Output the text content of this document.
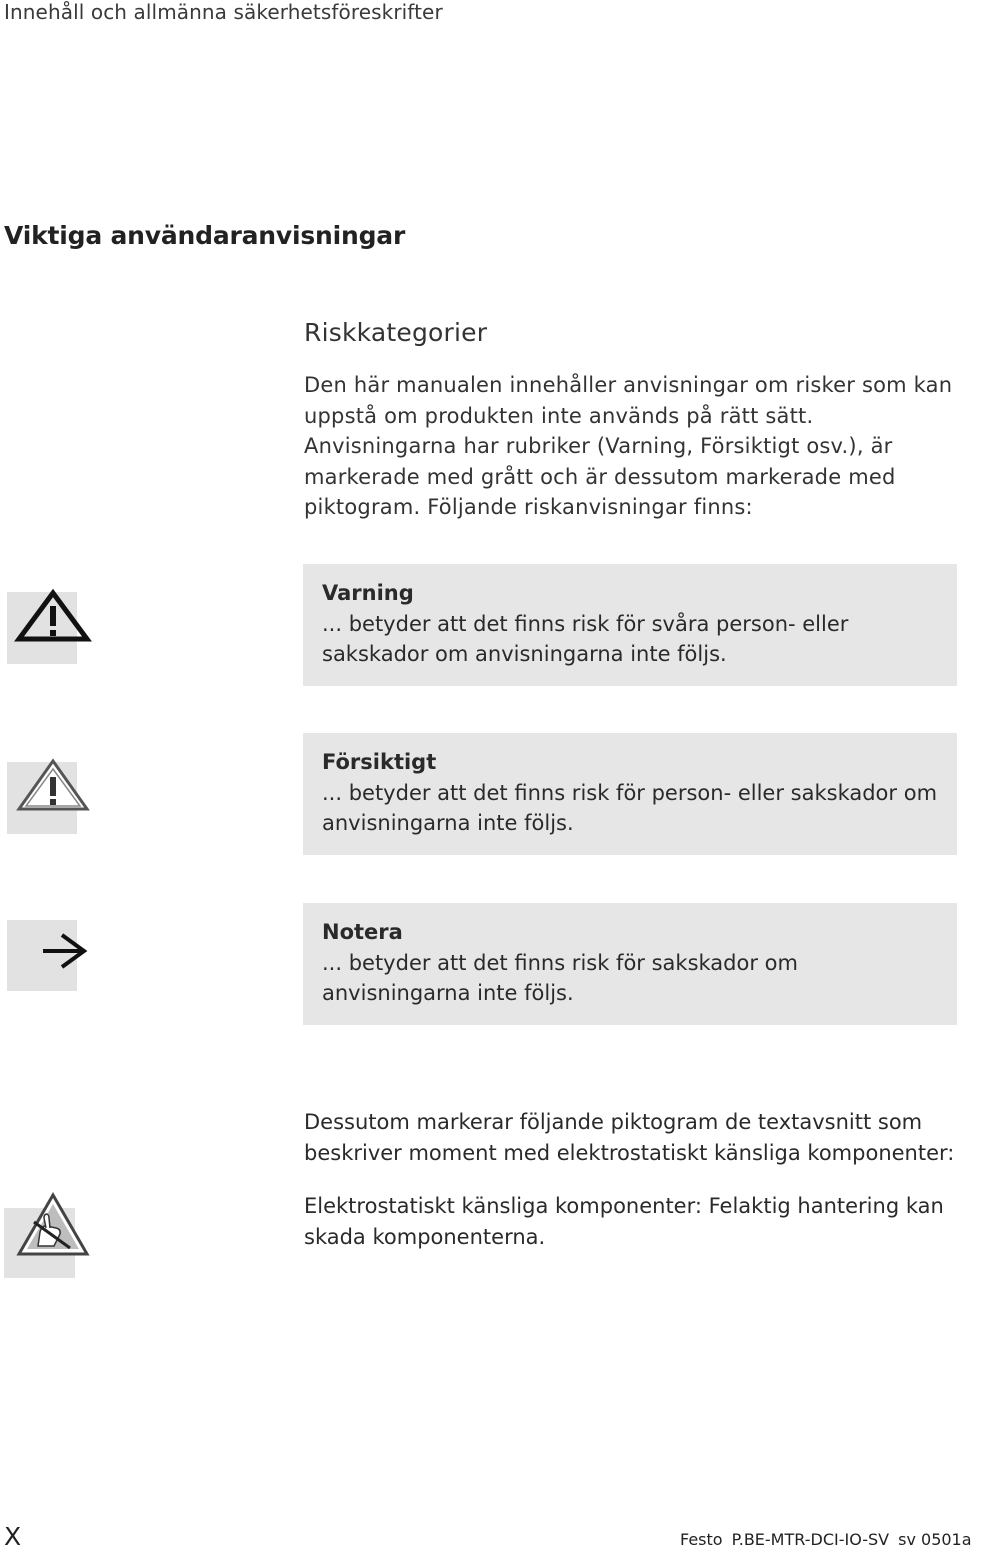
Innehåll och allmänna säkerhetsföreskrifter
Viktiga användaranvisningar
Riskkategorier
Den här manualen innehåller anvisningar om risker som kan
uppstå om produkten inte används på rätt sätt.
Anvisningarna har rubriker (Varning, Försiktigt osv.), är
markerade med grått och är dessutom markerade med
piktogram. Följande riskanvisningar finns:
Varning
... betyder att det finns risk för svåra person- eller
sakskador om anvisningarna inte följs.
Försiktigt
... betyder att det finns risk för person- eller sakskador om
anvisningarna inte följs.
Notera
... betyder att det finns risk för sakskador om
anvisningarna inte följs.
Dessutom markerar följande piktogram de textavsnitt som
beskriver moment med elektrostatiskt känsliga komponenter:
Elektrostatiskt känsliga komponenter: Felaktig hantering kan
skada komponenterna.
X	Festo P.BE-MTR-DCI-IO-SV sv 0501a
